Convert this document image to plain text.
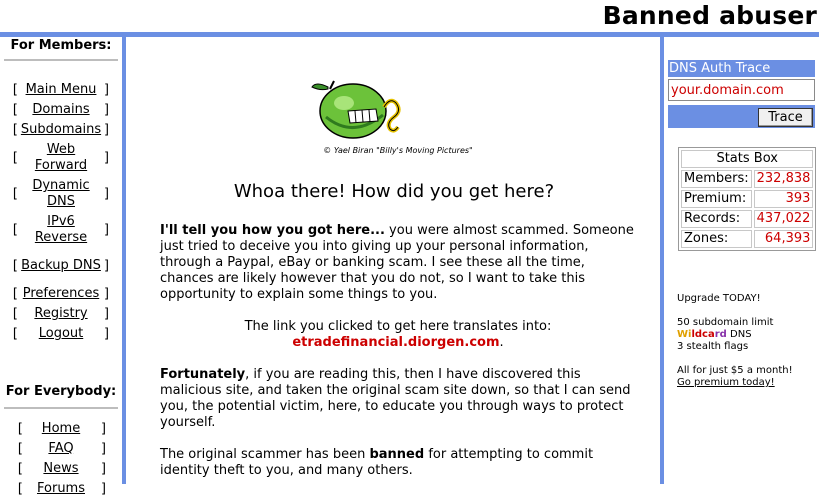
Banned abuser
For Members:
[ Main Menu ]
[	Domains	]
[ Subdomains ]
[
Web Forward	]
[
Dynamic DNS	]
[
IPv6 Reverse	]
[ Backup DNS ]
[ Preferences ]
[	Registry	]
[	Logout	]
For Everybody:
[	Home	]
[	FAQ	]
[	News	]
[	Forums	]
© Yael Biran "Billy's Moving Pictures"
Whoa there! How did you get here?

I'll tell you how you got here... you were almost scammed. Someone just tried to deceive you into giving up your personal information, through a Paypal, eBay or banking scam. I see these all the time, chances are likely however that you do not, so I want to take this opportunity to explain some things to you.

The link you clicked to get here translates into:
etradefinancial.diorgen.com.

Fortunately, if you are reading this, then I have discovered this malicious site, and taken the original scam site down, so that I can send you, the potential victim, here, to educate you through ways to protect yourself.

The original scammer has been banned for attempting to commit identity theft to you, and many others.

DNS Auth Trace
your.domain.com
Trace
Stats Box	
Members:	232,838
Premium:	393
Records:	437,022
Zones:	64,393
Upgrade TODAY!
50 subdomain limit
Wildcard DNS
3 stealth flags
All for just $5 a month!
Go premium today!
